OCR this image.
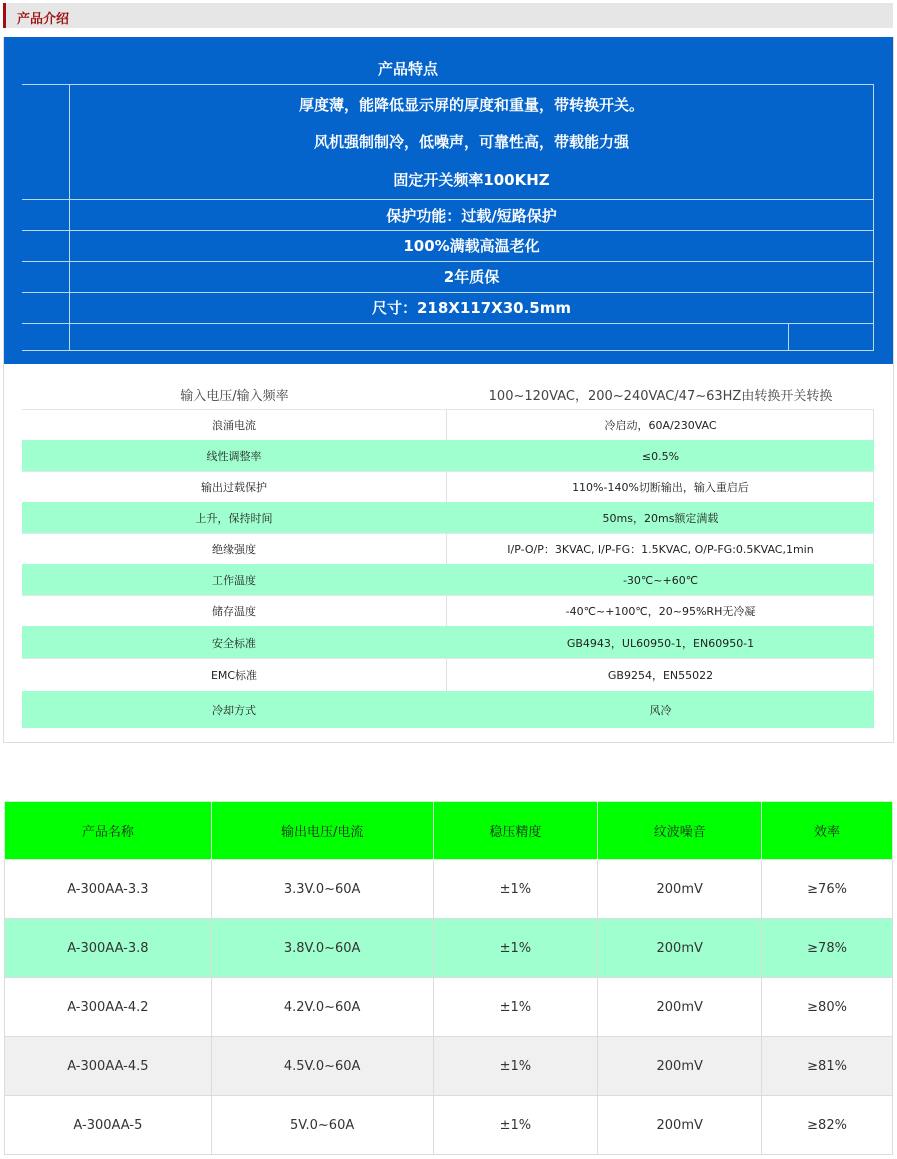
产品介绍
产品特点
厚度薄，能降低显示屏的厚度和重量，带转换开关。
风机强制制冷，低噪声，可靠性高，带载能力强
固定开关频率100KHZ
保护功能：过载/短路保护
100%满载高温老化
2年质保
尺寸：218X117X30.5mm
输入电压/输入频率	100~120VAC，200~240VAC/47~63HZ由转换开关转换
浪涌电流	冷启动，60A/230VAC
线性调整率	≤0.5%
输出过载保护	110%-140%切断输出，输入重启后
上升，保持时间	50ms，20ms额定满载
绝缘强度	I/P-O/P：3KVAC, I/P-FG：1.5KVAC, O/P-FG:0.5KVAC,1min
工作温度	-30℃~+60℃
储存温度	-40℃~+100℃，20~95%RH无冷凝
安全标准	GB4943，UL60950-1，EN60950-1
EMC标准	GB9254，EN55022
冷却方式	风冷
产品名称	输出电压/电流	稳压精度	纹波噪音	效率
A-300AA-3.3	3.3V.0~60A	±1%	200mV	≥76%
A-300AA-3.8	3.8V.0~60A	±1%	200mV	≥78%
A-300AA-4.2	4.2V.0~60A	±1%	200mV	≥80%
A-300AA-4.5	4.5V.0~60A	±1%	200mV	≥81%
A-300AA-5	5V.0~60A	±1%	200mV	≥82%
